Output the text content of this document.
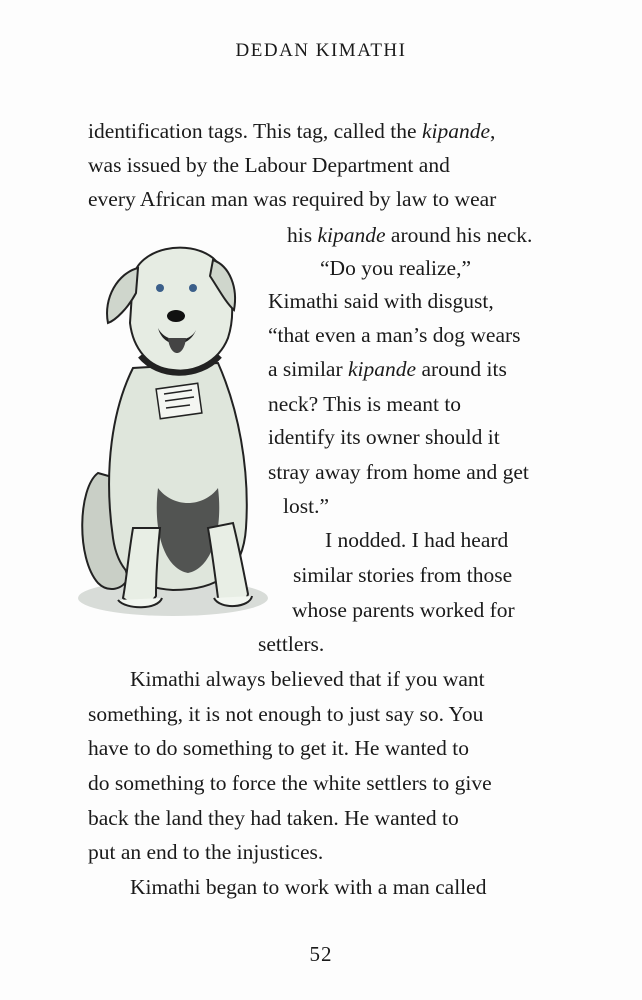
DEDAN KIMATHI
identification tags. This tag, called the kipande,
was issued by the Labour Department and
every African man was required by law to wear
his kipande around his neck.
“Do you realize,”
Kimathi said with disgust,
“that even a man’s dog wears
a similar kipande around its
neck? This is meant to
identify its owner should it
stray away from home and get
lost.”
I nodded. I had heard
similar stories from those
whose parents worked for
settlers.
Kimathi always believed that if you want
something, it is not enough to just say so. You
have to do something to get it. He wanted to
do something to force the white settlers to give
back the land they had taken. He wanted to
put an end to the injustices.
Kimathi began to work with a man called
52
